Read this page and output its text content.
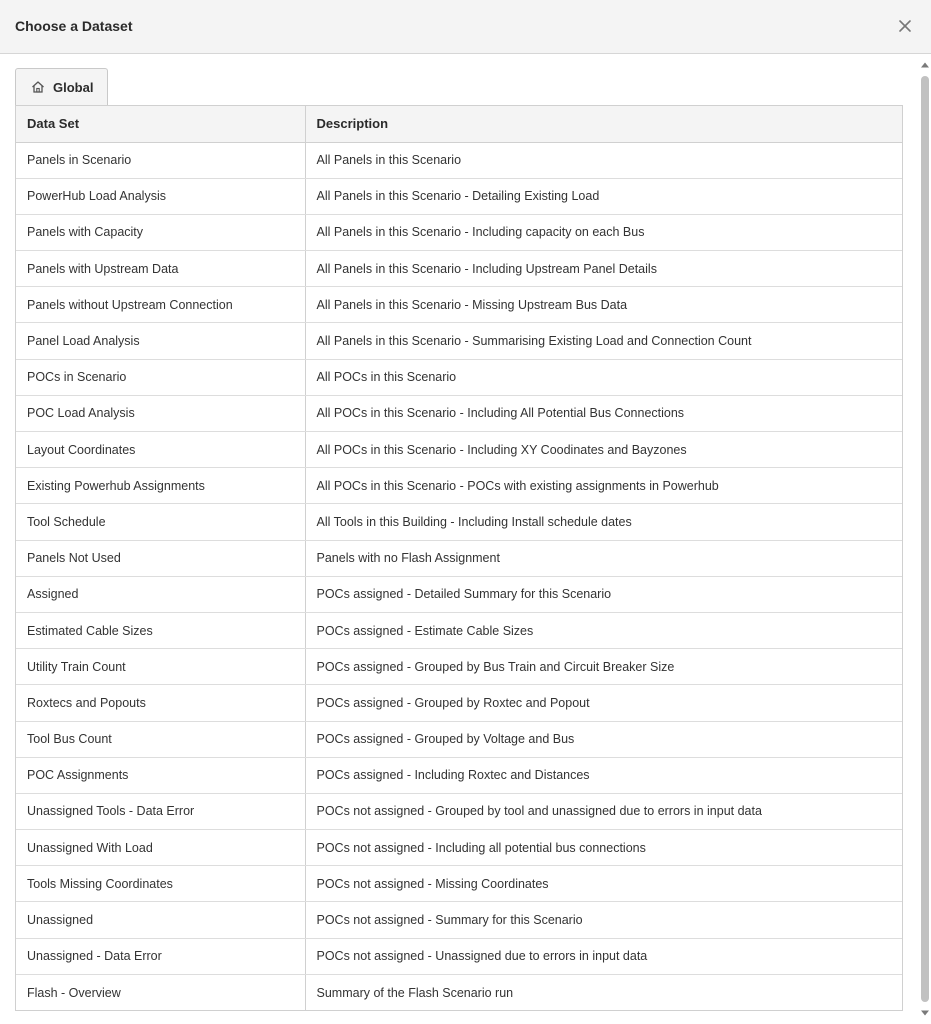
Choose a Dataset
Global
Data Set	Description
Panels in Scenario	All Panels in this Scenario
PowerHub Load Analysis	All Panels in this Scenario - Detailing Existing Load
Panels with Capacity	All Panels in this Scenario - Including capacity on each Bus
Panels with Upstream Data	All Panels in this Scenario - Including Upstream Panel Details
Panels without Upstream Connection	All Panels in this Scenario - Missing Upstream Bus Data
Panel Load Analysis	All Panels in this Scenario - Summarising Existing Load and Connection Count
POCs in Scenario	All POCs in this Scenario
POC Load Analysis	All POCs in this Scenario - Including All Potential Bus Connections
Layout Coordinates	All POCs in this Scenario - Including XY Coodinates and Bayzones
Existing Powerhub Assignments	All POCs in this Scenario - POCs with existing assignments in Powerhub
Tool Schedule	All Tools in this Building - Including Install schedule dates
Panels Not Used	Panels with no Flash Assignment
Assigned	POCs assigned - Detailed Summary for this Scenario
Estimated Cable Sizes	POCs assigned - Estimate Cable Sizes
Utility Train Count	POCs assigned - Grouped by Bus Train and Circuit Breaker Size
Roxtecs and Popouts	POCs assigned - Grouped by Roxtec and Popout
Tool Bus Count	POCs assigned - Grouped by Voltage and Bus
POC Assignments	POCs assigned - Including Roxtec and Distances
Unassigned Tools - Data Error	POCs not assigned - Grouped by tool and unassigned due to errors in input data
Unassigned With Load	POCs not assigned - Including all potential bus connections
Tools Missing Coordinates	POCs not assigned - Missing Coordinates
Unassigned	POCs not assigned - Summary for this Scenario
Unassigned - Data Error	POCs not assigned - Unassigned due to errors in input data
Flash - Overview	Summary of the Flash Scenario run
